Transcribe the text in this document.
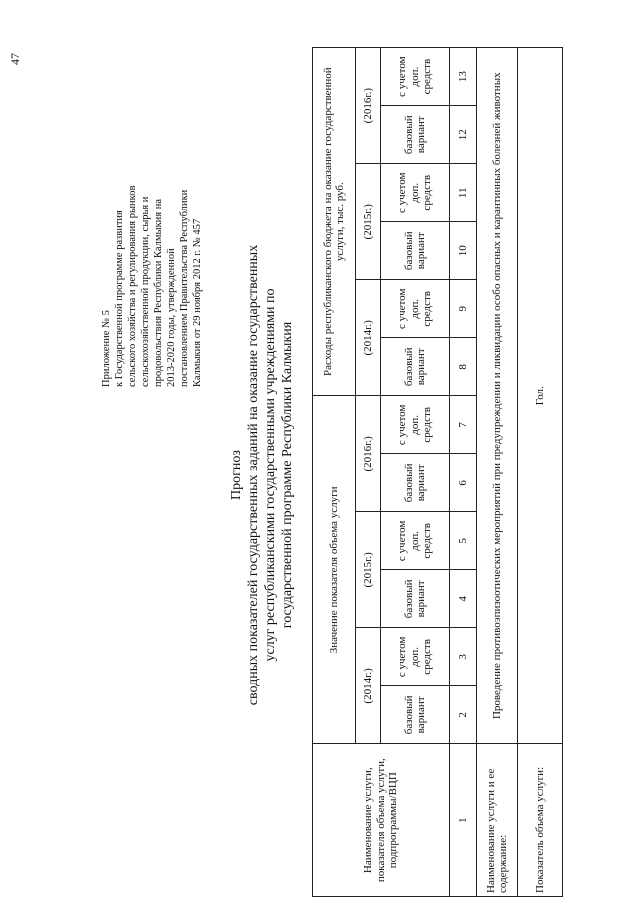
47
Приложение № 5 к Государственной программе развития сельского хозяйства и регулирования рынков сельскохозяйственной продукции, сырья и продовольствия Республики Калмыкия на 2013-2020 годы, утвержденной постановлением Правительства Республики Калмыкия от 29 ноября 2012 г. № 457
Прогноз сводных показателей государственных заданий на оказание государственных услуг республиканскими государственными учреждениями по государственной программе Республики Калмыкия
Наименование услуги, показателя объема услуги, подпрограммы/ВЦП	Значение показателя объема услуги						Расходы республиканского бюджета на оказание государственной услуги, тыс. руб.					
	(2014г.)		(2015г.)		(2016г.)		(2014г.)		(2015г.)		(2016г.)	
	базовый вариант	с учетом доп. средств	базовый вариант	с учетом доп. средств	базовый вариант	с учетом доп. средств	базовый вариант	с учетом доп. средств	базовый вариант	с учетом доп. средств	базовый вариант	с учетом доп. средств
1	2	3	4	5	6	7	8	9	10	11	12	13
Наименование услуги и ее содержание:	Проведение противоэпизоотических мероприятий при предупреждении и ликвидации особо опасных и карантинных болезней животных											
Показатель объема услуги:	Гол.											
